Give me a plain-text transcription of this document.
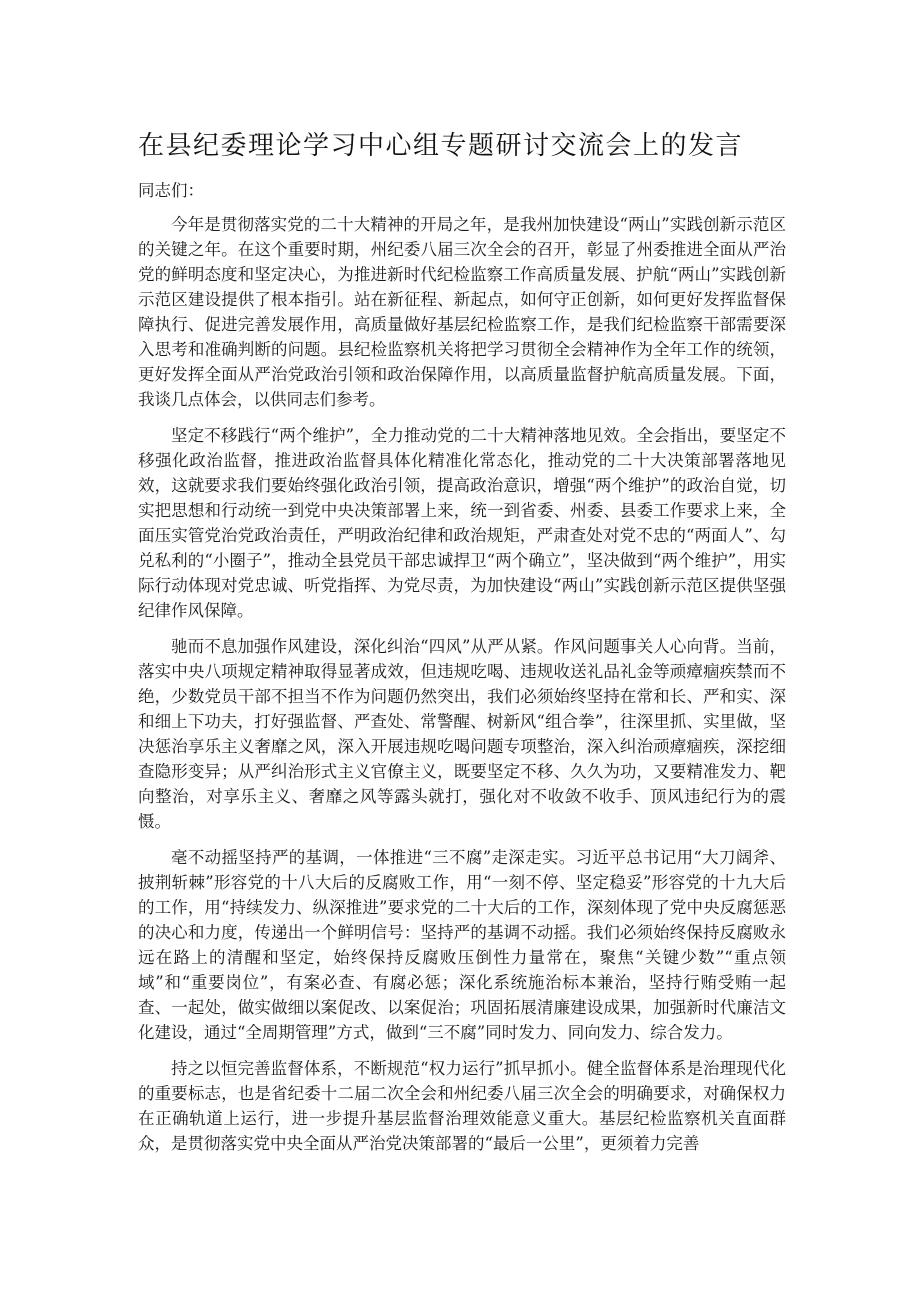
在县纪委理论学习中心组专题研讨交流会上的发言

同志们：

今年是贯彻落实党的二十大精神的开局之年，是我州加快建设“两山”实践创新示范区的关键之年。在这个重要时期，州纪委八届三次全会的召开，彰显了州委推进全面从严治党的鲜明态度和坚定决心，为推进新时代纪检监察工作高质量发展、护航“两山”实践创新示范区建设提供了根本指引。站在新征程、新起点，如何守正创新，如何更好发挥监督保障执行、促进完善发展作用，高质量做好基层纪检监察工作，是我们纪检监察干部需要深入思考和准确判断的问题。县纪检监察机关将把学习贯彻全会精神作为全年工作的统领，更好发挥全面从严治党政治引领和政治保障作用，以高质量监督护航高质量发展。下面，我谈几点体会，以供同志们参考。

坚定不移践行“两个维护”，全力推动党的二十大精神落地见效。全会指出，要坚定不移强化政治监督，推进政治监督具体化精准化常态化，推动党的二十大决策部署落地见效，这就要求我们要始终强化政治引领，提高政治意识，增强“两个维护”的政治自觉，切实把思想和行动统一到党中央决策部署上来，统一到省委、州委、县委工作要求上来，全面压实管党治党政治责任，严明政治纪律和政治规矩，严肃查处对党不忠的“两面人”、勾兑私利的“小圈子”，推动全县党员干部忠诚捍卫“两个确立”，坚决做到“两个维护”，用实际行动体现对党忠诚、听党指挥、为党尽责，为加快建设“两山”实践创新示范区提供坚强纪律作风保障。

驰而不息加强作风建设，深化纠治“四风”从严从紧。作风问题事关人心向背。当前，落实中央八项规定精神取得显著成效，但违规吃喝、违规收送礼品礼金等顽瘴痼疾禁而不绝，少数党员干部不担当不作为问题仍然突出，我们必须始终坚持在常和长、严和实、深和细上下功夫，打好强监督、严查处、常警醒、树新风“组合拳”，往深里抓、实里做，坚决惩治享乐主义奢靡之风，深入开展违规吃喝问题专项整治，深入纠治顽瘴痼疾，深挖细查隐形变异；从严纠治形式主义官僚主义，既要坚定不移、久久为功，又要精准发力、靶向整治，对享乐主义、奢靡之风等露头就打，强化对不收敛不收手、顶风违纪行为的震慑。

毫不动摇坚持严的基调，一体推进“三不腐”走深走实。习近平总书记用“大刀阔斧、披荆斩棘”形容党的十八大后的反腐败工作，用“一刻不停、坚定稳妥”形容党的十九大后的工作，用“持续发力、纵深推进”要求党的二十大后的工作，深刻体现了党中央反腐惩恶的决心和力度，传递出一个鲜明信号：坚持严的基调不动摇。我们必须始终保持反腐败永远在路上的清醒和坚定，始终保持反腐败压倒性力量常在，聚焦“关键少数”“重点领域”和“重要岗位”，有案必查、有腐必惩；深化系统施治标本兼治，坚持行贿受贿一起查、一起处，做实做细以案促改、以案促治；巩固拓展清廉建设成果，加强新时代廉洁文化建设，通过“全周期管理”方式，做到“三不腐”同时发力、同向发力、综合发力。

持之以恒完善监督体系，不断规范“权力运行”抓早抓小。健全监督体系是治理现代化的重要标志，也是省纪委十二届二次全会和州纪委八届三次全会的明确要求，对确保权力在正确轨道上运行，进一步提升基层监督治理效能意义重大。基层纪检监察机关直面群众，是贯彻落实党中央全面从严治党决策部署的“最后一公里”，更须着力完善
